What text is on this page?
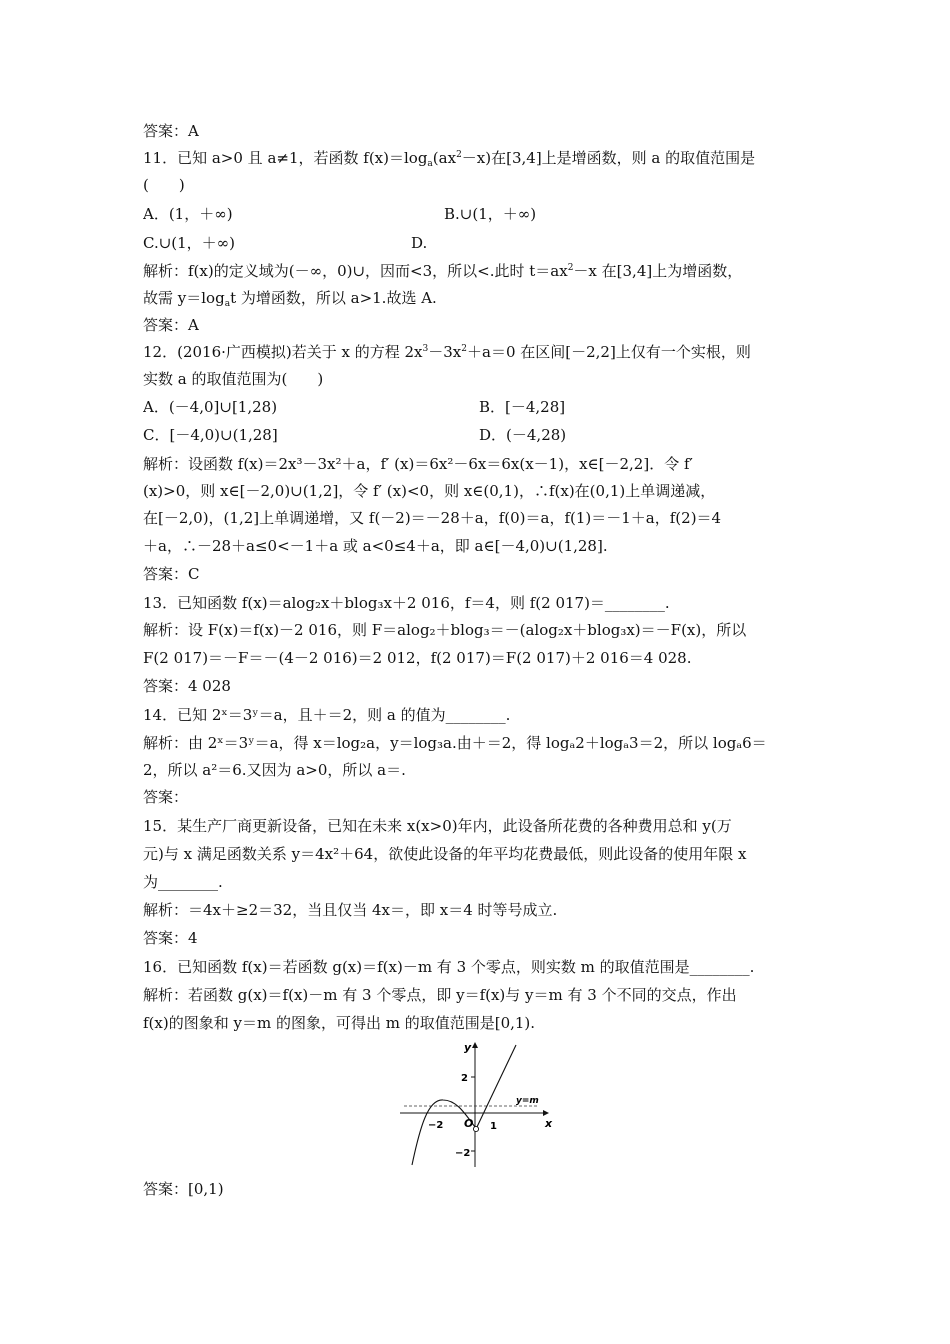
答案：A
11．已知 a>0 且 a≠1，若函数 $f(x)=\log_a(ax^2-x)$在[3,4]上是增函数，则 a 的取值范围是
(　　)
A．(1，＋∞)	B.∪(1，＋∞)
C.∪(1，＋∞)	D.
解析：f(x)的定义域为(－∞，0)∪，因而<3，所以<.此时 $t=ax^2-x$ 在[3,4]上为增函数，
故需 $y=\log_at$ 为增函数，所以 a>1.故选 A.
答案：A
12．(2016·广西模拟)若关于 x 的方程 $2x^3-3x^2+a=0$ 在区间[－2,2]上仅有一个实根，则
实数 a 的取值范围为(　　)
A．(－4,0]∪[1,28)	B．[－4,28]
C．[－4,0)∪(1,28]	D．(－4,28)
解析：设函数 f(x)＝2x³－3x²＋a，f′ (x)＝6x²－6x＝6x(x－1)，x∈[－2,2]．令 f′
(x)>0，则 x∈[－2,0)∪(1,2]，令 f′ (x)<0，则 x∈(0,1)，∴f(x)在(0,1)上单调递减，
在[－2,0)，(1,2]上单调递增，又 f(－2)＝－28＋a，f(0)＝a，f(1)＝－1＋a，f(2)＝4
＋a，∴－28＋a≤0<－1＋a 或 a<0≤4＋a，即 a∈[－4,0)∪(1,28].
答案：C
13．已知函数 f(x)＝alog₂x＋blog₃x＋2 016，f＝4，则 f(2 017)＝________.
解析：设 F(x)＝f(x)－2 016，则 F＝alog₂＋blog₃＝－(alog₂x＋blog₃x)＝－F(x)，所以
F(2 017)＝－F＝－(4－2 016)＝2 012，f(2 017)＝F(2 017)＋2 016＝4 028.
答案：4 028
14．已知 2ˣ＝3ʸ＝a，且＋＝2，则 a 的值为________.
解析：由 2ˣ＝3ʸ＝a，得 x＝log₂a，y＝log₃a.由＋＝2，得 logₐ2＋logₐ3＝2，所以 logₐ6＝
2，所以 a²＝6.又因为 a>0，所以 a＝.
答案：
15．某生产厂商更新设备，已知在未来 x(x>0)年内，此设备所花费的各种费用总和 y(万
元)与 x 满足函数关系 y＝4x²＋64，欲使此设备的年平均花费最低，则此设备的使用年限 x
为________.
解析：＝4x＋≥2＝32，当且仅当 4x＝，即 x＝4 时等号成立.
答案：4
16．已知函数 f(x)＝若函数 g(x)＝f(x)－m 有 3 个零点，则实数 m 的取值范围是________.
解析：若函数 g(x)＝f(x)－m 有 3 个零点，即 y＝f(x)与 y＝m 有 3 个不同的交点，作出
f(x)的图象和 y＝m 的图象，可得出 m 的取值范围是[0,1).
y
x
O
2
−2
−2	1
y=m
答案：[0,1)
